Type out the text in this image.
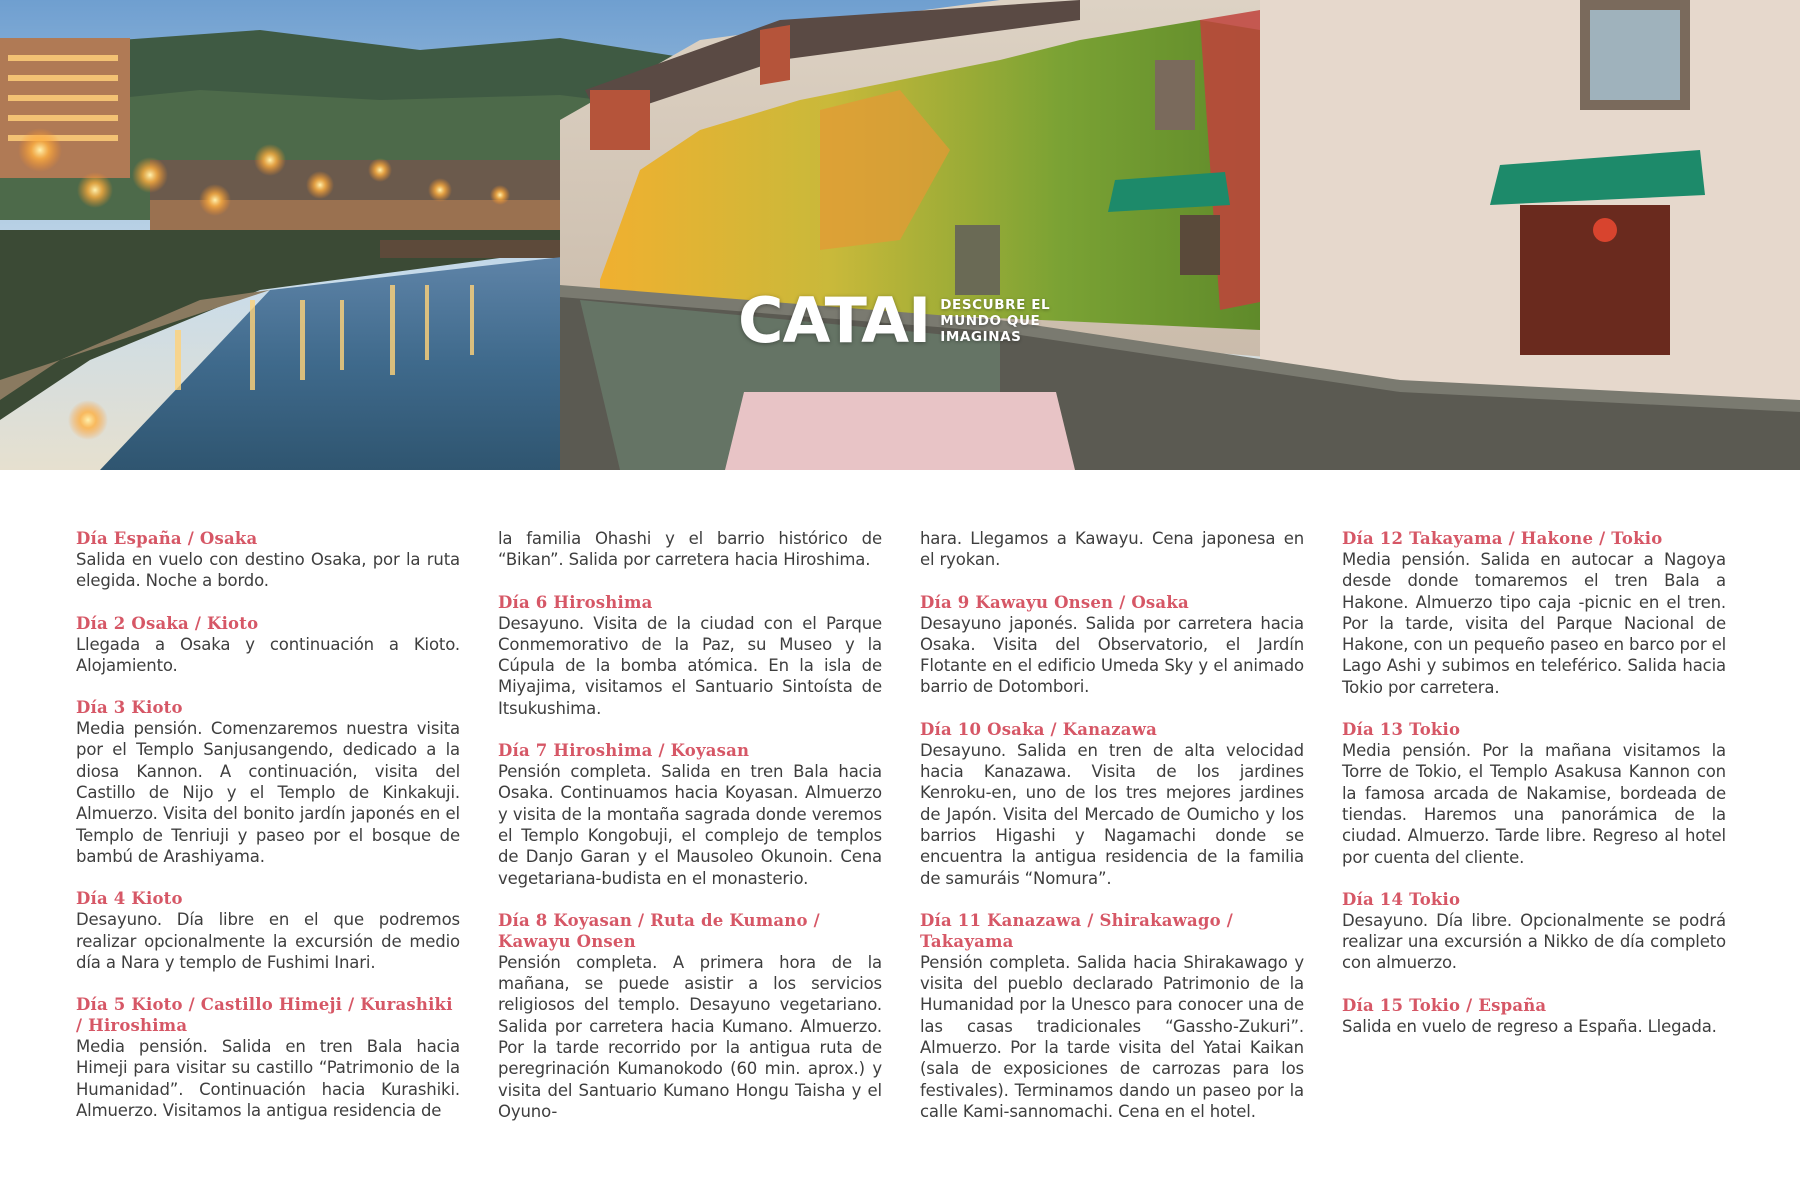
CATAI DESCUBRE EL
MUNDO QUE
IMAGINAS
Día España / Osaka
Salida en vuelo con destino Osaka, por la ruta elegida. Noche a bordo.
Día 2 Osaka / Kioto
Llegada a Osaka y continuación a Kioto. Alojamiento.
Día 3 Kioto
Media pensión. Comenzaremos nuestra visita por el Templo Sanjusangendo, dedicado a la diosa Kannon. A continuación, visita del Castillo de Nijo y el Templo de Kinkakuji. Almuerzo. Visita del bonito jardín japonés en el Templo de Tenriuji y paseo por el bosque de bambú de Arashiyama.
Día 4 Kioto
Desayuno. Día libre en el que podremos realizar opcionalmente la excursión de medio día a Nara y templo de Fushimi Inari.
Día 5 Kioto / Castillo Himeji / Kurashiki / Hiroshima
Media pensión. Salida en tren Bala hacia Himeji para visitar su castillo “Patrimonio de la Humanidad”. Continuación hacia Kurashiki. Almuerzo. Visitamos la antigua residencia de
la familia Ohashi y el barrio histórico de “Bikan”. Salida por carretera hacia Hiroshima.
Día 6 Hiroshima
Desayuno. Visita de la ciudad con el Parque Conmemorativo de la Paz, su Museo y la Cúpula de la bomba atómica. En la isla de Miyajima, visitamos el Santuario Sintoísta de Itsukushima.
Día 7 Hiroshima / Koyasan
Pensión completa. Salida en tren Bala hacia Osaka. Continuamos hacia Koyasan. Almuerzo y visita de la montaña sagrada donde veremos el Templo Kongobuji, el complejo de templos de Danjo Garan y el Mausoleo Okunoin. Cena vegetariana-budista en el monasterio.
Día 8 Koyasan / Ruta de Kumano / Kawayu Onsen
Pensión completa. A primera hora de la mañana, se puede asistir a los servicios religiosos del templo. Desayuno vegetariano. Salida por carretera hacia Kumano. Almuerzo. Por la tarde recorrido por la antigua ruta de peregrinación Kumanokodo (60 min. aprox.) y visita del Santuario Kumano Hongu Taisha y el Oyuno-
hara. Llegamos a Kawayu. Cena japonesa en el ryokan.
Día 9 Kawayu Onsen / Osaka
Desayuno japonés. Salida por carretera hacia Osaka. Visita del Observatorio, el Jardín Flotante en el edificio Umeda Sky y el animado barrio de Dotombori.
Día 10 Osaka / Kanazawa
Desayuno. Salida en tren de alta velocidad hacia Kanazawa. Visita de los jardines Kenroku-en, uno de los tres mejores jardines de Japón. Visita del Mercado de Oumicho y los barrios Higashi y Nagamachi donde se encuentra la antigua residencia de la familia de samuráis “Nomura”.
Día 11 Kanazawa / Shirakawago / Takayama
Pensión completa. Salida hacia Shirakawago y visita del pueblo declarado Patrimonio de la Humanidad por la Unesco para conocer una de las casas tradicionales “Gassho-Zukuri”. Almuerzo. Por la tarde visita del Yatai Kaikan (sala de exposiciones de carrozas para los festivales). Terminamos dando un paseo por la calle Kami-sannomachi. Cena en el hotel.
Día 12 Takayama / Hakone / Tokio
Media pensión. Salida en autocar a Nagoya desde donde tomaremos el tren Bala a Hakone. Almuerzo tipo caja -picnic en el tren. Por la tarde, visita del Parque Nacional de Hakone, con un pequeño paseo en barco por el Lago Ashi y subimos en teleférico. Salida hacia Tokio por carretera.
Día 13 Tokio
Media pensión. Por la mañana visitamos la Torre de Tokio, el Templo Asakusa Kannon con la famosa arcada de Nakamise, bordeada de tiendas. Haremos una panorámica de la ciudad. Almuerzo. Tarde libre. Regreso al hotel por cuenta del cliente.
Día 14 Tokio
Desayuno. Día libre. Opcionalmente se podrá realizar una excursión a Nikko de día completo con almuerzo.
Día 15 Tokio / España
Salida en vuelo de regreso a España. Llegada.
